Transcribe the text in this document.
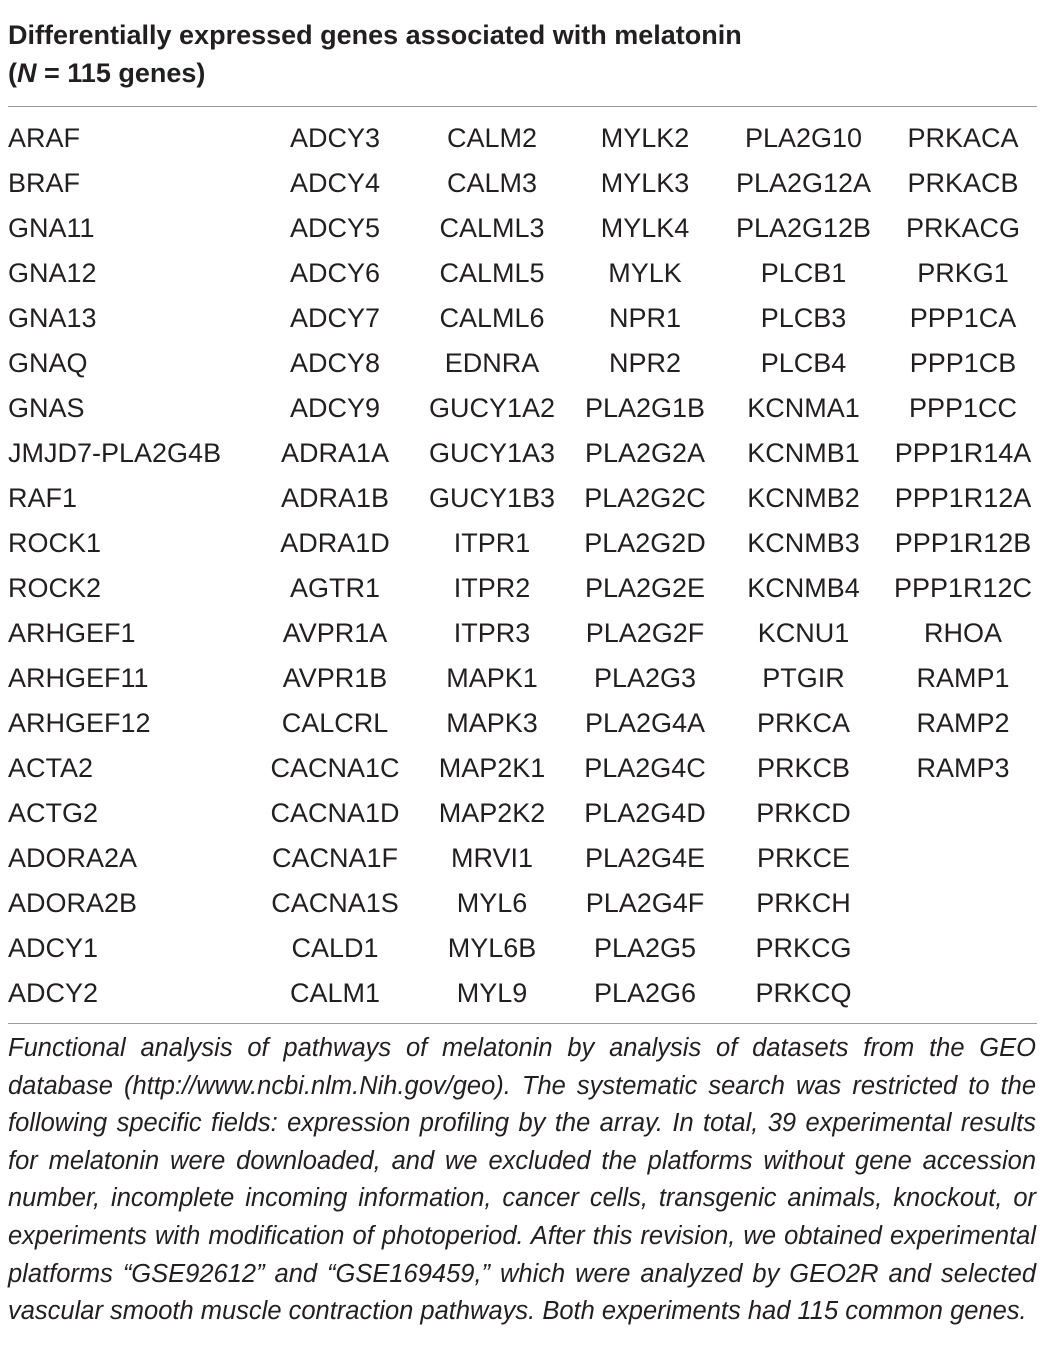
Differentially expressed genes associated with melatonin (N = 115 genes)
ARAF	ADCY3	CALM2	MYLK2	PLA2G10	PRKACA
BRAF	ADCY4	CALM3	MYLK3	PLA2G12A	PRKACB
GNA11	ADCY5	CALML3	MYLK4	PLA2G12B	PRKACG
GNA12	ADCY6	CALML5	MYLK	PLCB1	PRKG1
GNA13	ADCY7	CALML6	NPR1	PLCB3	PPP1CA
GNAQ	ADCY8	EDNRA	NPR2	PLCB4	PPP1CB
GNAS	ADCY9	GUCY1A2	PLA2G1B	KCNMA1	PPP1CC
JMJD7-PLA2G4B	ADRA1A	GUCY1A3	PLA2G2A	KCNMB1	PPP1R14A
RAF1	ADRA1B	GUCY1B3	PLA2G2C	KCNMB2	PPP1R12A
ROCK1	ADRA1D	ITPR1	PLA2G2D	KCNMB3	PPP1R12B
ROCK2	AGTR1	ITPR2	PLA2G2E	KCNMB4	PPP1R12C
ARHGEF1	AVPR1A	ITPR3	PLA2G2F	KCNU1	RHOA
ARHGEF11	AVPR1B	MAPK1	PLA2G3	PTGIR	RAMP1
ARHGEF12	CALCRL	MAPK3	PLA2G4A	PRKCA	RAMP2
ACTA2	CACNA1C	MAP2K1	PLA2G4C	PRKCB	RAMP3
ACTG2	CACNA1D	MAP2K2	PLA2G4D	PRKCD	
ADORA2A	CACNA1F	MRVI1	PLA2G4E	PRKCE	
ADORA2B	CACNA1S	MYL6	PLA2G4F	PRKCH	
ADCY1	CALD1	MYL6B	PLA2G5	PRKCG	
ADCY2	CALM1	MYL9	PLA2G6	PRKCQ	
Functional analysis of pathways of melatonin by analysis of datasets from the GEO database (http://www.ncbi.nlm.Nih.gov/geo). The systematic search was restricted to the following specific fields: expression profiling by the array. In total, 39 experimental results for melatonin were downloaded, and we excluded the platforms without gene accession number, incomplete incoming information, cancer cells, transgenic animals, knockout, or experiments with modification of photoperiod. After this revision, we obtained experimental platforms “GSE92612” and “GSE169459,” which were analyzed by GEO2R and selected vascular smooth muscle contraction pathways. Both experiments had 115 common genes.
